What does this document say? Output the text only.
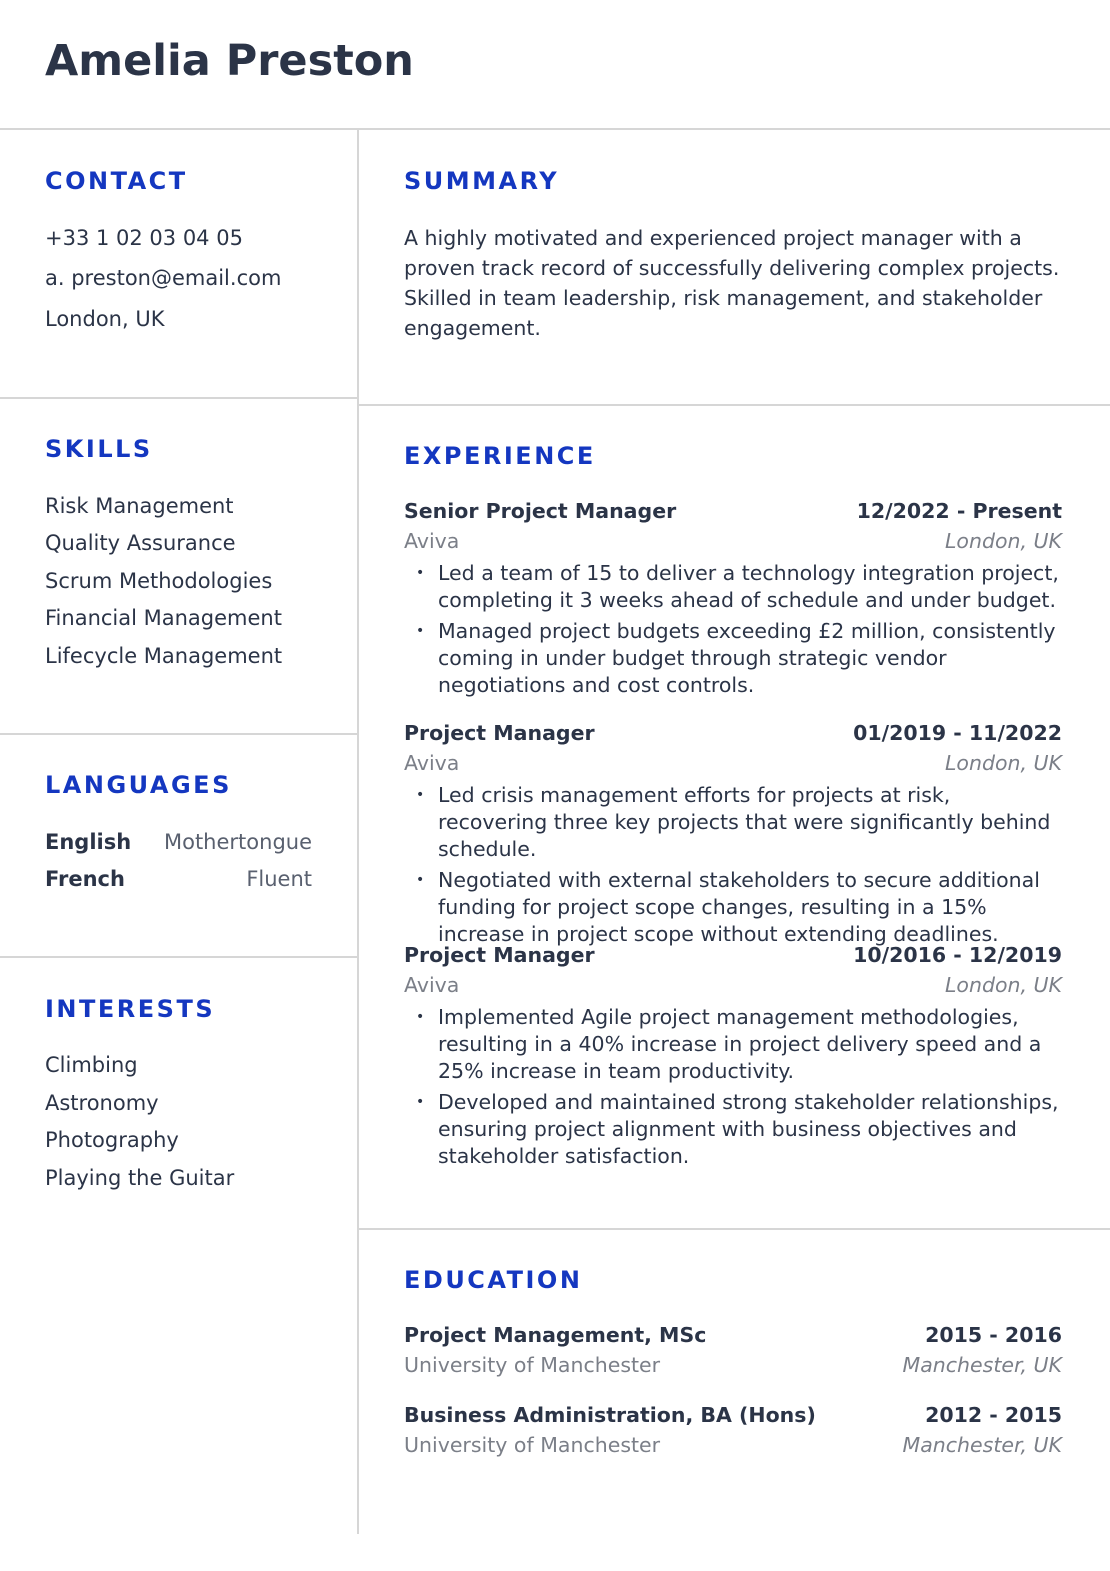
Amelia Preston
CONTACT
+33 1 02 03 04 05
a. preston@email.com
London, UK
SKILLS
Risk Management
Quality Assurance
Scrum Methodologies
Financial Management
Lifecycle Management
LANGUAGES
English Mothertongue
French	Fluent
INTERESTS
Climbing
Astronomy
Photography
Playing the Guitar
SUMMARY

A highly motivated and experienced project manager with a proven track record of successfully delivering complex projects. Skilled in team leadership, risk management, and stakeholder engagement.

EXPERIENCE
Senior Project Manager	12/2022 - Present
Aviva	London, UK
• Led a team of 15 to deliver a technology integration project, completing it 3 weeks ahead of schedule and under budget.
• Managed project budgets exceeding £2 million, consistently coming in under budget through strategic vendor negotiations and cost controls.
Project Manager	01/2019 - 11/2022
Aviva	London, UK
• Led crisis management efforts for projects at risk, recovering three key projects that were significantly behind schedule.
• Negotiated with external stakeholders to secure additional funding for project scope changes, resulting in a 15% increase in project scope without extending deadlines.
Project Manager	10/2016 - 12/2019
Aviva	London, UK
• Implemented Agile project management methodologies, resulting in a 40% increase in project delivery speed and a 25% increase in team productivity.
• Developed and maintained strong stakeholder relationships, ensuring project alignment with business objectives and stakeholder satisfaction.
EDUCATION
Project Management, MSc	2015 - 2016
University of Manchester	Manchester, UK
Business Administration, BA (Hons)	2012 - 2015
University of Manchester	Manchester, UK
